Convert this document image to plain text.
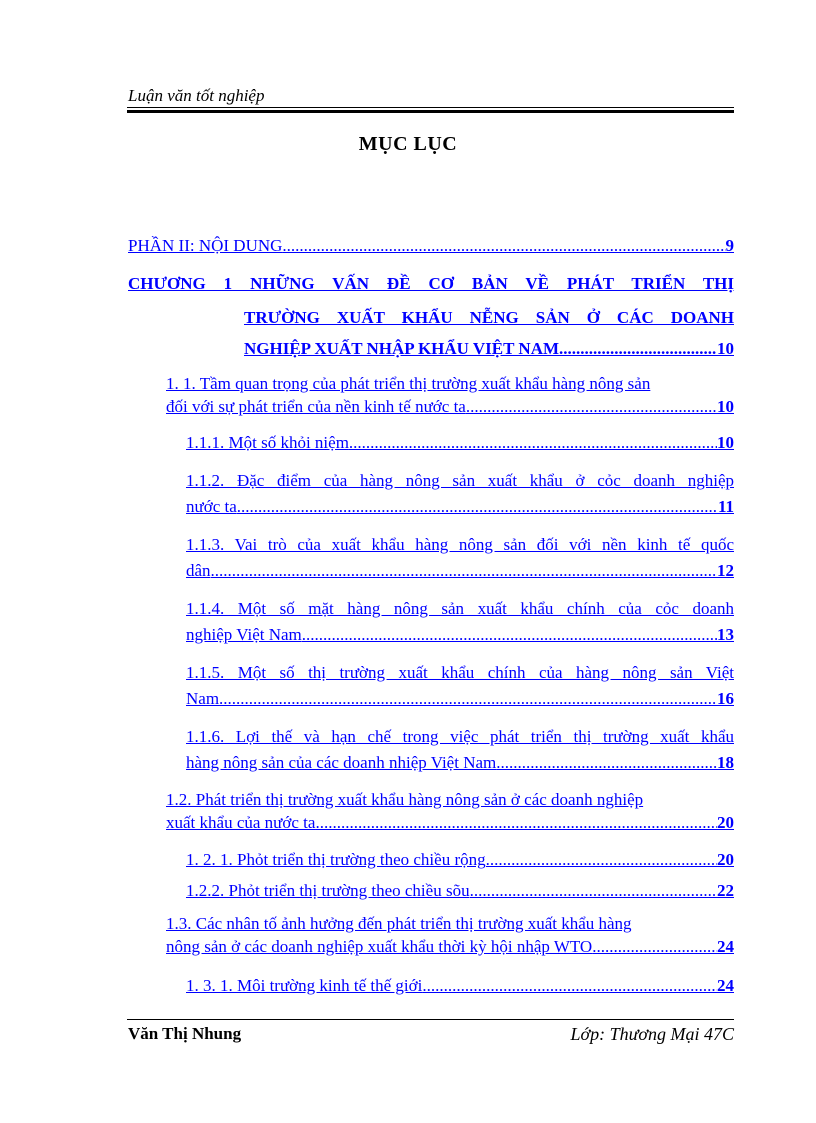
Luận văn tốt nghiệp
MỤC LỤC
PHẦN II: NỘI DUNG .....	9
CHƯƠNG 1 NHỮNG VẤN ĐỀ CƠ BẢN VỀ PHÁT TRIỂN THỊ
TRƯỜNG XUẤT KHẨU NỄNG SẢN Ở CÁC DOANH
NGHIỆP XUẤT NHẬP KHẨU VIỆT NAM .....	10
1. 1. Tầm quan trọng của phát triển thị trường xuất khẩu hàng nông sản
đối với sự phát triển của nền kinh tế nước ta .....	10
1.1.1. Một số khỏi niệm .....	10
1.1.2. Đặc điểm của hàng nông sản xuất khẩu ở cỏc doanh nghiệp
nước ta .....	11
1.1.3. Vai trò của xuất khẩu hàng nông sản đối với nền kinh tế quốc
dân .....	12
1.1.4. Một số mặt hàng nông sản xuất khẩu chính của cỏc doanh
nghiệp Việt Nam .....	13
1.1.5. Một số thị trường xuất khẩu chính của hàng nông sản Việt
Nam .....	16
1.1.6. Lợi thế và hạn chế trong việc phát triển thị trường xuất khẩu
hàng nông sản của các doanh nhiệp Việt Nam .....	18
1.2. Phát triển thị trường xuất khẩu hàng nông sản ở các doanh nghiệp
xuất khẩu của nước ta .....	20
1. 2. 1. Phỏt triển thị trường theo chiều rộng .....	20
1.2.2. Phỏt triển thị trường theo chiều sõu .....	22
1.3. Các nhân tố ảnh hưởng đến phát triển thị trường xuất khẩu hàng
nông sản ở các doanh nghiệp xuất khẩu thời kỳ hội nhập WTO .....	24
1. 3. 1. Môi trường kinh tế thế giới .....	24
Văn Thị Nhung	Lớp: Thương Mại 47C
